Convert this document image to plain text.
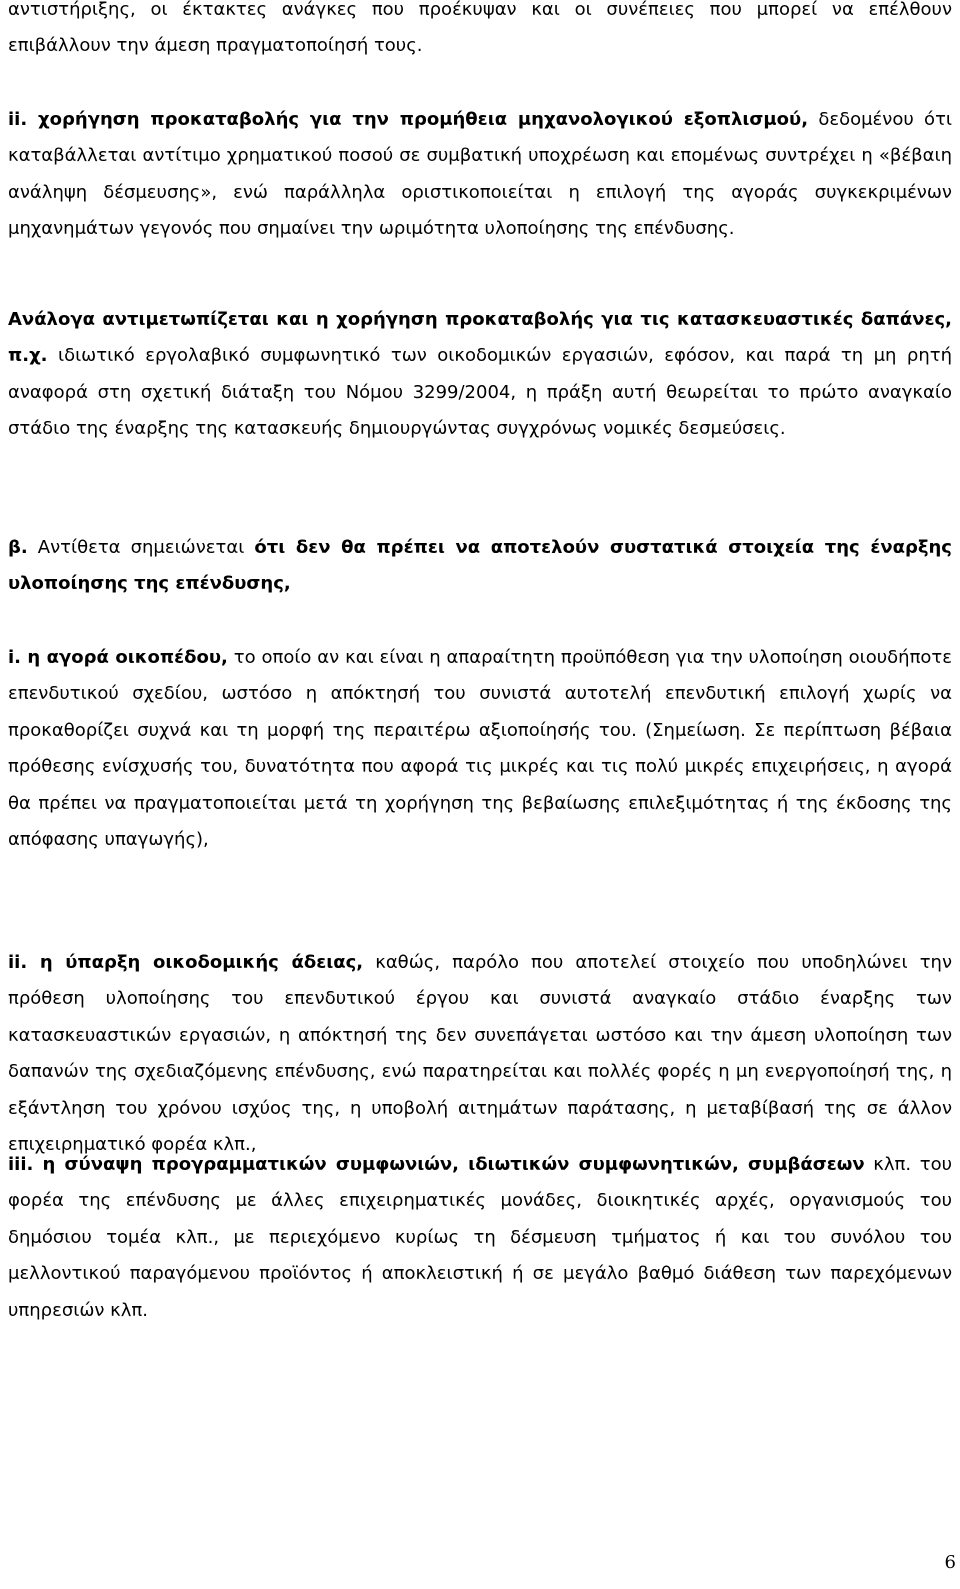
αντιστήριξης, οι έκτακτες ανάγκες που προέκυψαν και οι συνέπειες που μπορεί να επέλθουν επιβάλλουν την άμεση πραγματοποίησή τους.

ii. χορήγηση προκαταβολής για την προμήθεια μηχανολογικού εξοπλισμού, δεδομένου ότι καταβάλλεται αντίτιμο χρηματικού ποσού σε συμβατική υποχρέωση και επομένως συντρέχει η «βέβαιη ανάληψη δέσμευσης», ενώ παράλληλα οριστικοποιείται η επιλογή της αγοράς συγκεκριμένων μηχανημάτων γεγονός που σημαίνει την ωριμότητα υλοποίησης της επένδυσης.

Ανάλογα αντιμετωπίζεται και η χορήγηση προκαταβολής για τις κατασκευαστικές δαπάνες, π.χ. ιδιωτικό εργολαβικό συμφωνητικό των οικοδομικών εργασιών, εφόσον, και παρά τη μη ρητή αναφορά στη σχετική διάταξη του Νόμου 3299/2004, η πράξη αυτή θεωρείται το πρώτο αναγκαίο στάδιο της έναρξης της κατασκευής δημιουργώντας συγχρόνως νομικές δεσμεύσεις.

β. Αντίθετα σημειώνεται ότι δεν θα πρέπει να αποτελούν συστατικά στοιχεία της έναρξης υλοποίησης της επένδυσης,

i. η αγορά οικοπέδου, το οποίο αν και είναι η απαραίτητη προϋπόθεση για την υλοποίηση οιουδήποτε επενδυτικού σχεδίου, ωστόσο η απόκτησή του συνιστά αυτοτελή επενδυτική επιλογή χωρίς να προκαθορίζει συχνά και τη μορφή της περαιτέρω αξιοποίησής του. (Σημείωση. Σε περίπτωση βέβαια πρόθεσης ενίσχυσής του, δυνατότητα που αφορά τις μικρές και τις πολύ μικρές επιχειρήσεις, η αγορά θα πρέπει να πραγματοποιείται μετά τη χορήγηση της βεβαίωσης επιλεξιμότητας ή της έκδοσης της απόφασης υπαγωγής),

ii. η ύπαρξη οικοδομικής άδειας, καθώς, παρόλο που αποτελεί στοιχείο που υποδηλώνει την πρόθεση υλοποίησης του επενδυτικού έργου και συνιστά αναγκαίο στάδιο έναρξης των κατασκευαστικών εργασιών, η απόκτησή της δεν συνεπάγεται ωστόσο και την άμεση υλοποίηση των δαπανών της σχεδιαζόμενης επένδυσης, ενώ παρατηρείται και πολλές φορές η μη ενεργοποίησή της, η εξάντληση του χρόνου ισχύος της, η υποβολή αιτημάτων παράτασης, η μεταβίβασή της σε άλλον επιχειρηματικό φορέα κλπ.,

iii. η σύναψη προγραμματικών συμφωνιών, ιδιωτικών συμφωνητικών, συμβάσεων κλπ. του φορέα της επένδυσης με άλλες επιχειρηματικές μονάδες, διοικητικές αρχές, οργανισμούς του δημόσιου τομέα κλπ., με περιεχόμενο κυρίως τη δέσμευση τμήματος ή και του συνόλου του μελλοντικού παραγόμενου προϊόντος ή αποκλειστική ή σε μεγάλο βαθμό διάθεση των παρεχόμενων υπηρεσιών κλπ.

6
